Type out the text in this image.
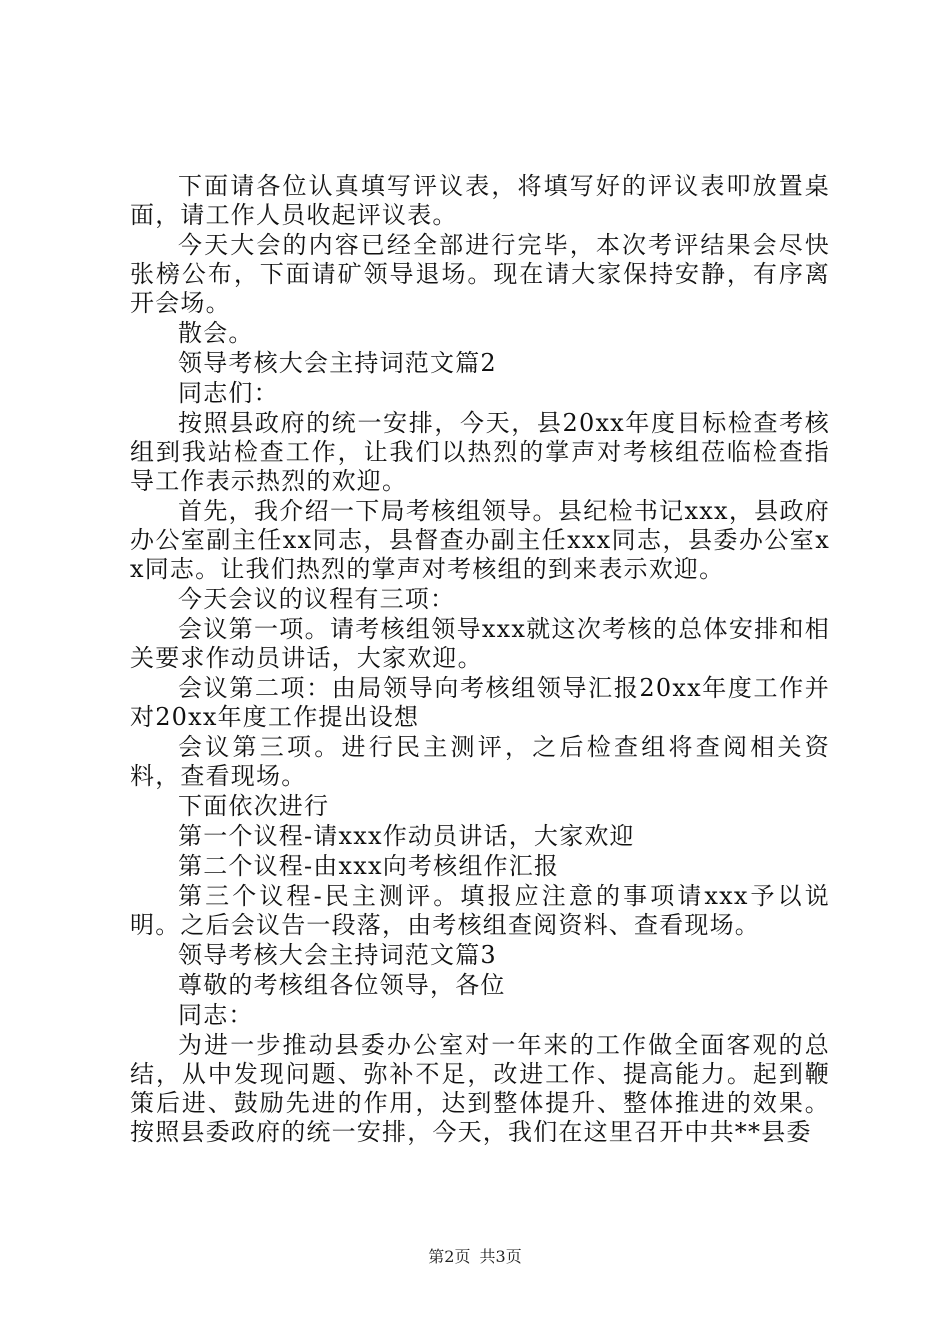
下面请各位认真填写评议表，将填写好的评议表叩放置桌面，请工作人员收起评议表。

今天大会的内容已经全部进行完毕，本次考评结果会尽快张榜公布，下面请矿领导退场。现在请大家保持安静，有序离开会场。

散会。

领导考核大会主持词范文篇2

同志们：

按照县政府的统一安排，今天，县20xx年度目标检查考核组到我站检查工作，让我们以热烈的掌声对考核组莅临检查指导工作表示热烈的欢迎。

首先，我介绍一下局考核组领导。县纪检书记xxx，县政府办公室副主任xx同志，县督查办副主任xxx同志，县委办公室xx同志。让我们热烈的掌声对考核组的到来表示欢迎。

今天会议的议程有三项：

会议第一项。请考核组领导xxx就这次考核的总体安排和相关要求作动员讲话，大家欢迎。

会议第二项：由局领导向考核组领导汇报20xx年度工作并对20xx年度工作提出设想

会议第三项。进行民主测评，之后检查组将查阅相关资料，查看现场。

下面依次进行

第一个议程-请xxx作动员讲话，大家欢迎

第二个议程-由xxx向考核组作汇报

第三个议程-民主测评。填报应注意的事项请xxx予以说明。之后会议告一段落，由考核组查阅资料、查看现场。

领导考核大会主持词范文篇3

尊敬的考核组各位领导，各位

同志：

为进一步推动县委办公室对一年来的工作做全面客观的总结，从中发现问题、弥补不足，改进工作、提高能力。起到鞭策后进、鼓励先进的作用，达到整体提升、整体推进的效果。按照县委政府的统一安排，今天，我们在这里召开中共**县委

第2页 共3页
